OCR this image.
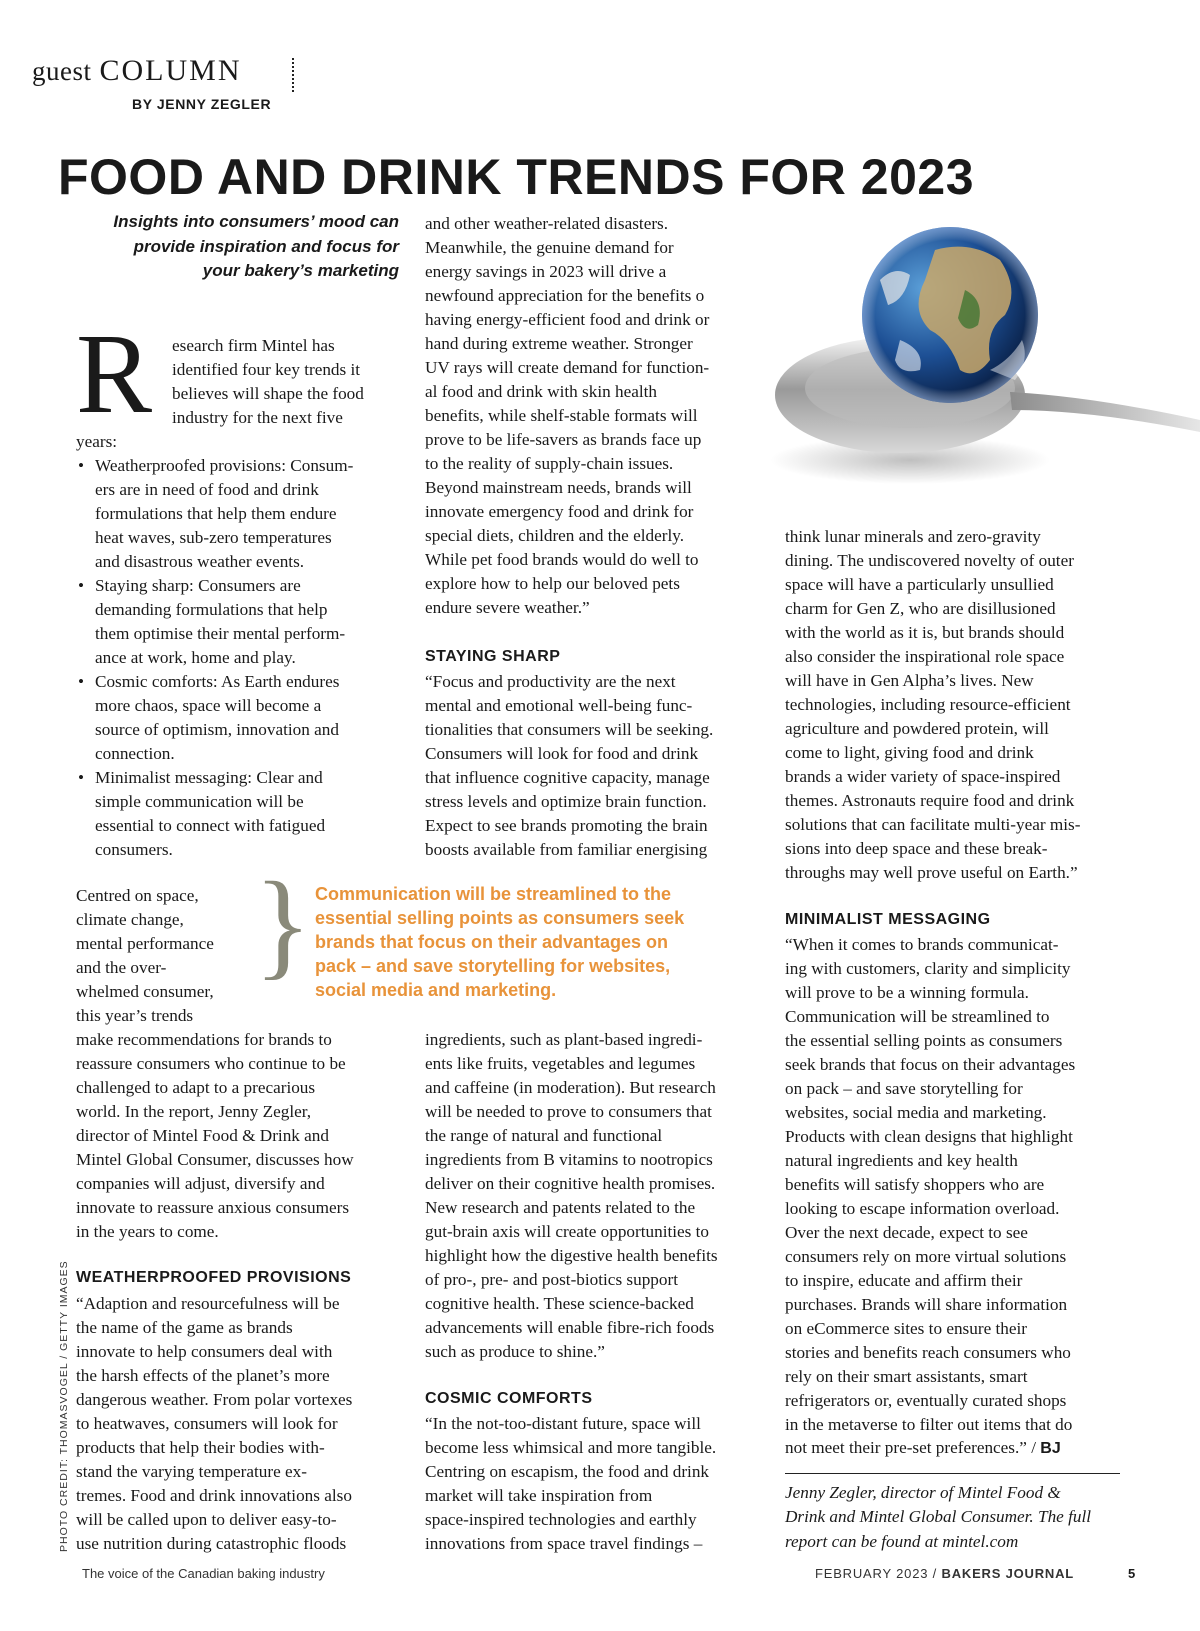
guest COLUMN
BY JENNY ZEGLER
FOOD AND DRINK TRENDS FOR 2023
Insights into consumers’ mood can
provide inspiration and focus for
your bakery’s marketing
R esearch firm Mintel has
identified four key trends it
believes will shape the food
industry for the next five
years:
• Weatherproofed provisions: Consum-
ers are in need of food and drink
formulations that help them endure
heat waves, sub-zero temperatures
and disastrous weather events.
• Staying sharp: Consumers are
demanding formulations that help
them optimise their mental perform-
ance at work, home and play.
• Cosmic comforts: As Earth endures
more chaos, space will become a
source of optimism, innovation and
connection.
• Minimalist messaging: Clear and
simple communication will be
essential to connect with fatigued
consumers.
Centred on space,
climate change,
mental performance
and the over-
whelmed consumer,
this year’s trends
make recommendations for brands to
reassure consumers who continue to be
challenged to adapt to a precarious
world. In the report, Jenny Zegler,
director of Mintel Food & Drink and
Mintel Global Consumer, discusses how
companies will adjust, diversify and
innovate to reassure anxious consumers
in the years to come.
WEATHERPROOFED PROVISIONS
“Adaption and resourcefulness will be
the name of the game as brands
innovate to help consumers deal with
the harsh effects of the planet’s more
dangerous weather. From polar vortexes
to heatwaves, consumers will look for
products that help their bodies with-
stand the varying temperature ex-
tremes. Food and drink innovations also
will be called upon to deliver easy-to-
use nutrition during catastrophic floods
} Communication will be streamlined to the
essential selling points as consumers seek
brands that focus on their advantages on
pack – and save storytelling for websites,
social media and marketing.
and other weather-related disasters.
Meanwhile, the genuine demand for
energy savings in 2023 will drive a
newfound appreciation for the benefits o
having energy-efficient food and drink or
hand during extreme weather. Stronger
UV rays will create demand for function-
al food and drink with skin health
benefits, while shelf-stable formats will
prove to be life-savers as brands face up
to the reality of supply-chain issues.
Beyond mainstream needs, brands will
innovate emergency food and drink for
special diets, children and the elderly.
While pet food brands would do well to
explore how to help our beloved pets
endure severe weather.”
STAYING SHARP
“Focus and productivity are the next
mental and emotional well-being func-
tionalities that consumers will be seeking.
Consumers will look for food and drink
that influence cognitive capacity, manage
stress levels and optimize brain function.
Expect to see brands promoting the brain
boosts available from familiar energising
ingredients, such as plant-based ingredi-
ents like fruits, vegetables and legumes
and caffeine (in moderation). But research
will be needed to prove to consumers that
the range of natural and functional
ingredients from B vitamins to nootropics
deliver on their cognitive health promises.
New research and patents related to the
gut-brain axis will create opportunities to
highlight how the digestive health benefits
of pro-, pre- and post-biotics support
cognitive health. These science-backed
advancements will enable fibre-rich foods
such as produce to shine.”
COSMIC COMFORTS
“In the not-too-distant future, space will
become less whimsical and more tangible.
Centring on escapism, the food and drink
market will take inspiration from
space-inspired technologies and earthly
innovations from space travel findings –
think lunar minerals and zero-gravity
dining. The undiscovered novelty of outer
space will have a particularly unsullied
charm for Gen Z, who are disillusioned
with the world as it is, but brands should
also consider the inspirational role space
will have in Gen Alpha’s lives. New
technologies, including resource-efficient
agriculture and powdered protein, will
come to light, giving food and drink
brands a wider variety of space-inspired
themes. Astronauts require food and drink
solutions that can facilitate multi-year mis-
sions into deep space and these break-
throughs may well prove useful on Earth.”
MINIMALIST MESSAGING
“When it comes to brands communicat-
ing with customers, clarity and simplicity
will prove to be a winning formula.
Communication will be streamlined to
the essential selling points as consumers
seek brands that focus on their advantages
on pack – and save storytelling for
websites, social media and marketing.
Products with clean designs that highlight
natural ingredients and key health
benefits will satisfy shoppers who are
looking to escape information overload.
Over the next decade, expect to see
consumers rely on more virtual solutions
to inspire, educate and affirm their
purchases. Brands will share information
on eCommerce sites to ensure their
stories and benefits reach consumers who
rely on their smart assistants, smart
refrigerators or, eventually curated shops
in the metaverse to filter out items that do
not meet their pre-set preferences.” / BJ
Jenny Zegler, director of Mintel Food &
Drink and Mintel Global Consumer. The full
report can be found at mintel.com
PHOTO CREDIT: THOMASVOGEL / GETTY IMAGES
The voice of the Canadian baking industry	FEBRUARY 2023 / BAKERS JOURNAL	5
